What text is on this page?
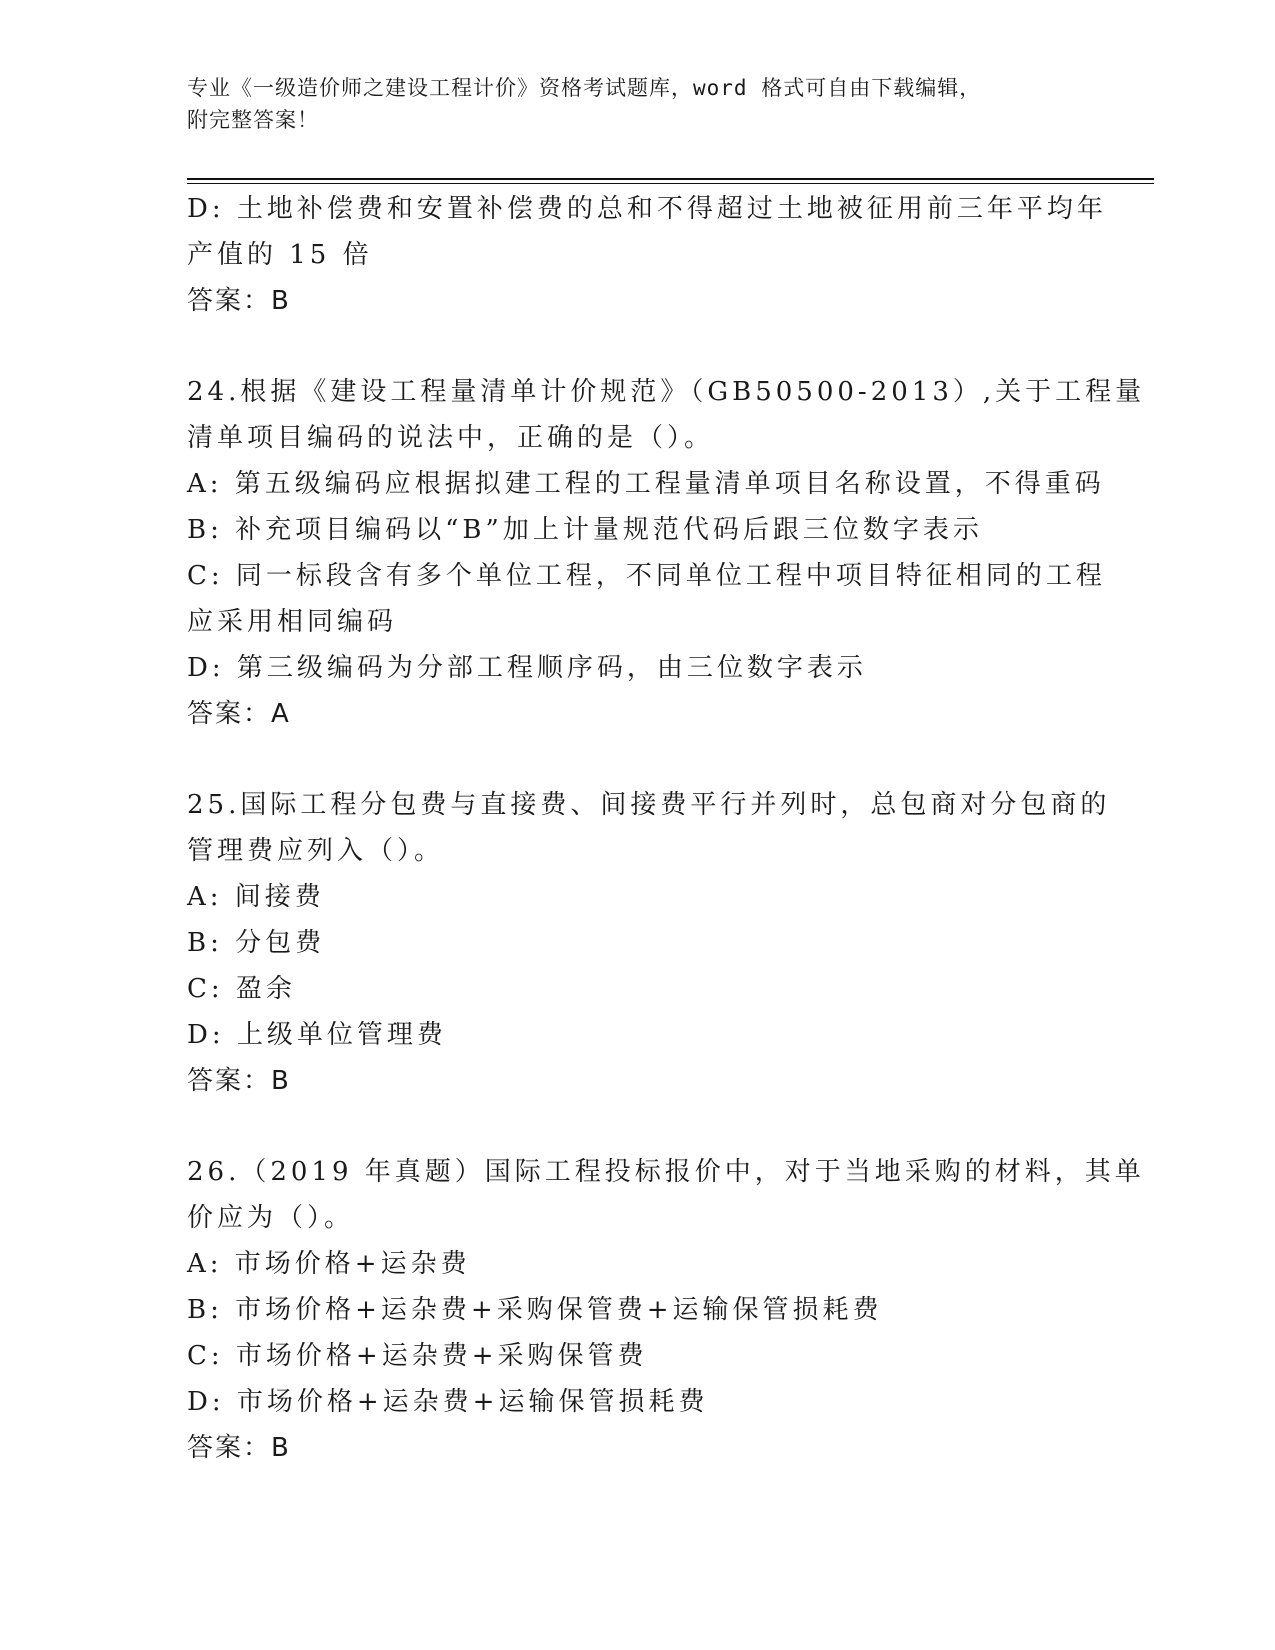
专业《一级造价师之建设工程计价》资格考试题库，word 格式可自由下载编辑，
附完整答案！
D: 土地补偿费和安置补偿费的总和不得超过土地被征用前三年平均年
产值的 15 倍
答案：B
24.根据《建设工程量清单计价规范》（GB50500-2013）,关于工程量
清单项目编码的说法中，正确的是（）。
A: 第五级编码应根据拟建工程的工程量清单项目名称设置，不得重码
B: 补充项目编码以“B”加上计量规范代码后跟三位数字表示
C: 同一标段含有多个单位工程，不同单位工程中项目特征相同的工程
应采用相同编码
D: 第三级编码为分部工程顺序码，由三位数字表示
答案：A
25.国际工程分包费与直接费、间接费平行并列时，总包商对分包商的
管理费应列入（）。
A: 间接费
B: 分包费
C: 盈余
D: 上级单位管理费
答案：B
26.（2019 年真题）国际工程投标报价中，对于当地采购的材料，其单
价应为（）。
A: 市场价格+运杂费
B: 市场价格+运杂费+采购保管费+运输保管损耗费
C: 市场价格+运杂费+采购保管费
D: 市场价格+运杂费+运输保管损耗费
答案：B
